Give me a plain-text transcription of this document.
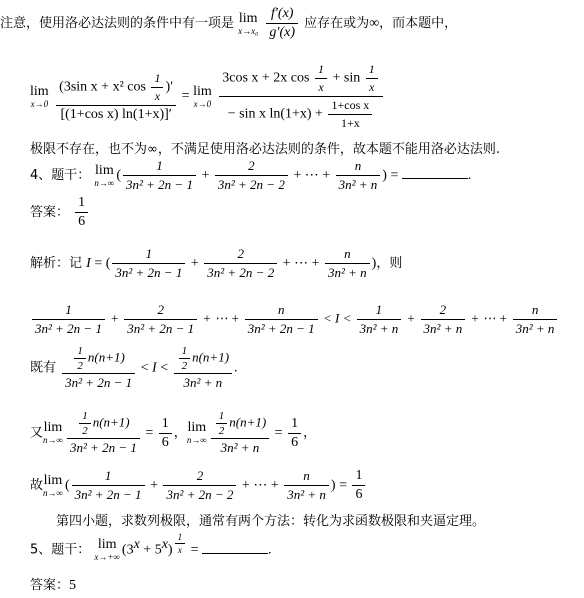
注意，使用洛必达法则的条件中有一项是 lim
x→x₀
$\frac{f'(x)}{g'(x)}$ 应存在或为∞，而本题中，
lim
x→0
$\frac{(3\sin x + x^2 \cos \frac{1}{x} )'}{\text{[(1+cos x) ln(1+x)]′}} = \lim$
x→0
$\frac{3\cos x + 2x \cos \frac{1}{x} + \sin \frac{1}{x}}{- \sin x \ln(1+x) + \frac{\text{1+cos x}}{1+x}}$
极限不存在，也不为∞，不满足使用洛必达法则的条件，故本题不能用洛必达法则.
4、题干： lim
n→∞ ( $\frac{1}{\text{3n² + 2n − 1}} + \frac{2}{\text{3n² + 2n − 2}}$ + ⋯ + $\frac{n}{\text{3n² + n}}$ ) =	.
答案： $\frac{1}{6}$
解析：记 I = ( $\frac{1}{\text{3n² + 2n − 1}} + \frac{2}{\text{3n² + 2n − 2}}$ + ⋯ + $\frac{n}{\text{3n² + n}}$ )，则
$\frac{1}{\text{3n² + 2n − 1}} + \frac{2}{\text{3n² + 2n − 1}}$ + ⋯ + $\frac{n}{\text{3n² + 2n − 1}} < I < \frac{1}{\text{3n² + n}} + \frac{2}{\text{3n² + n}}$ + ⋯ + $\frac{n}{\text{3n² + n}}$
既有 $\frac{\frac{1}{2} n(n+1)}{\text{3n² + 2n − 1}} < I < \frac{\frac{1}{2} n(n+1)}{\text{3n² + n}}$ .
又 lim
$n\to\infty \frac{\frac{1}{2} n(n+1)}{\text{3n² + 2n − 1}} = \frac{1}{6}$ ， lim
$n\to\infty \frac{\frac{1}{2} n(n+1)}{\text{3n² + n}} = \frac{1}{6}$ ，
故 lim
n→∞ ( $\frac{1}{\text{3n² + 2n − 1}} + \frac{2}{\text{3n² + 2n − 2}}$ + ⋯ + $\frac{n}{\text{3n² + n}}$ ) = $\frac{1}{6}$
第四小题，求数列极限，通常有两个方法：转化为求函数极限和夹逼定理。
5、题干： lim
x→+∞ $(3^x + 5^x) \frac{1}{x}$ =	.
答案：5
